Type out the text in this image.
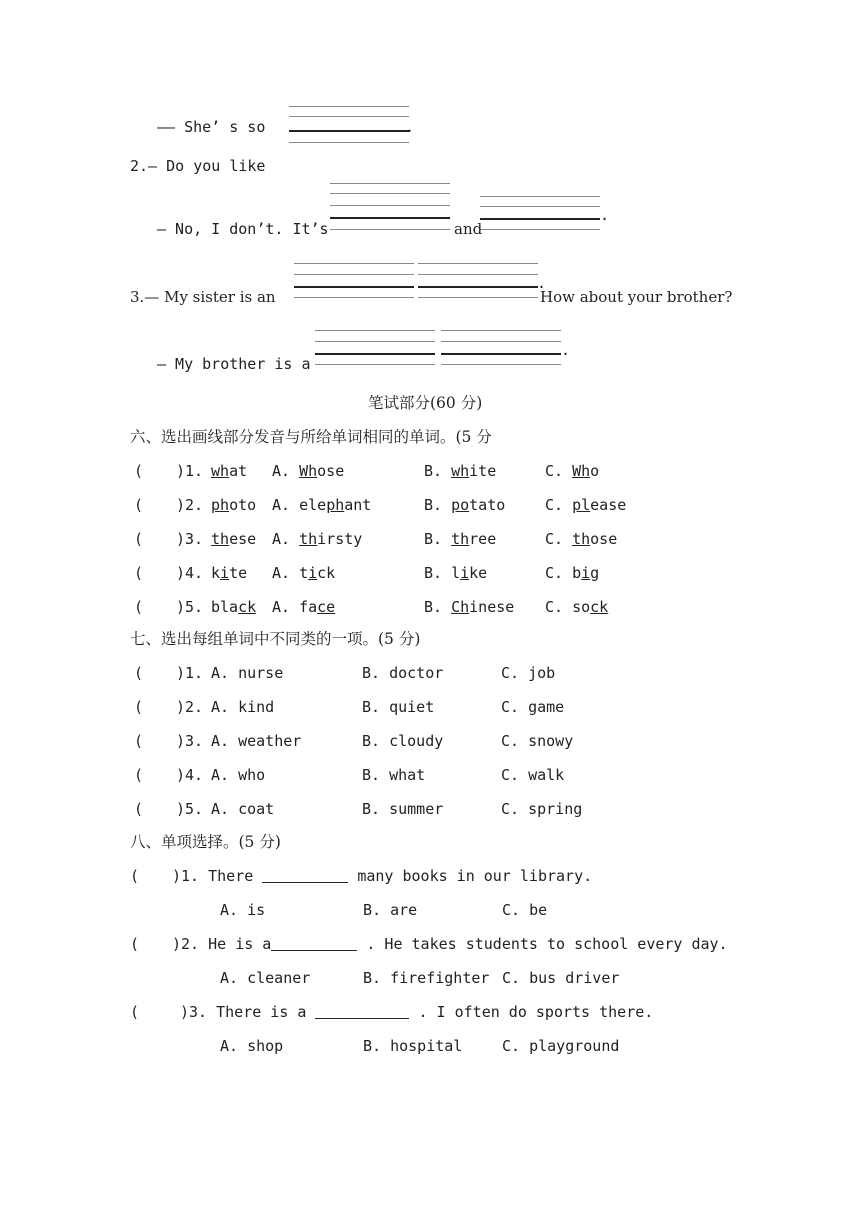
—— She’ s so	.
2.— Do you like
.
— No, I don’t. It’s	and
.
3.— My sister is an	How about your brother?
.
— My brother is a
笔试部分(60 分)
六、选出画线部分发音与所给单词相同的单词。(5 分
( )1. what A. Whose	B. white	C. Who
( )2. photo A. elephant	B. potato	C. please
( )3. these A. thirsty	B. three	C. those
( )4. kite A. tick	B. like	C. big
( )5. black A. face	B. Chinese C. sock
七、选出每组单词中不同类的一项。(5 分)
( )1. A. nurse	B. doctor	C. job
( )2. A. kind	B. quiet	C. game
( )3. A. weather	B. cloudy	C. snowy
( )4. A. who	B. what	C. walk
( )5. A. coat	B. summer	C. spring
八、单项选择。(5 分)
( )1. There	many books in our library.
A. is	B. are	C. be
( )2. He is a	. He takes students to school every day.
A. cleaner	B. firefighter C. bus driver
(	)3. There is a	. I often do sports there.
A. shop	B. hospital	C. playground
